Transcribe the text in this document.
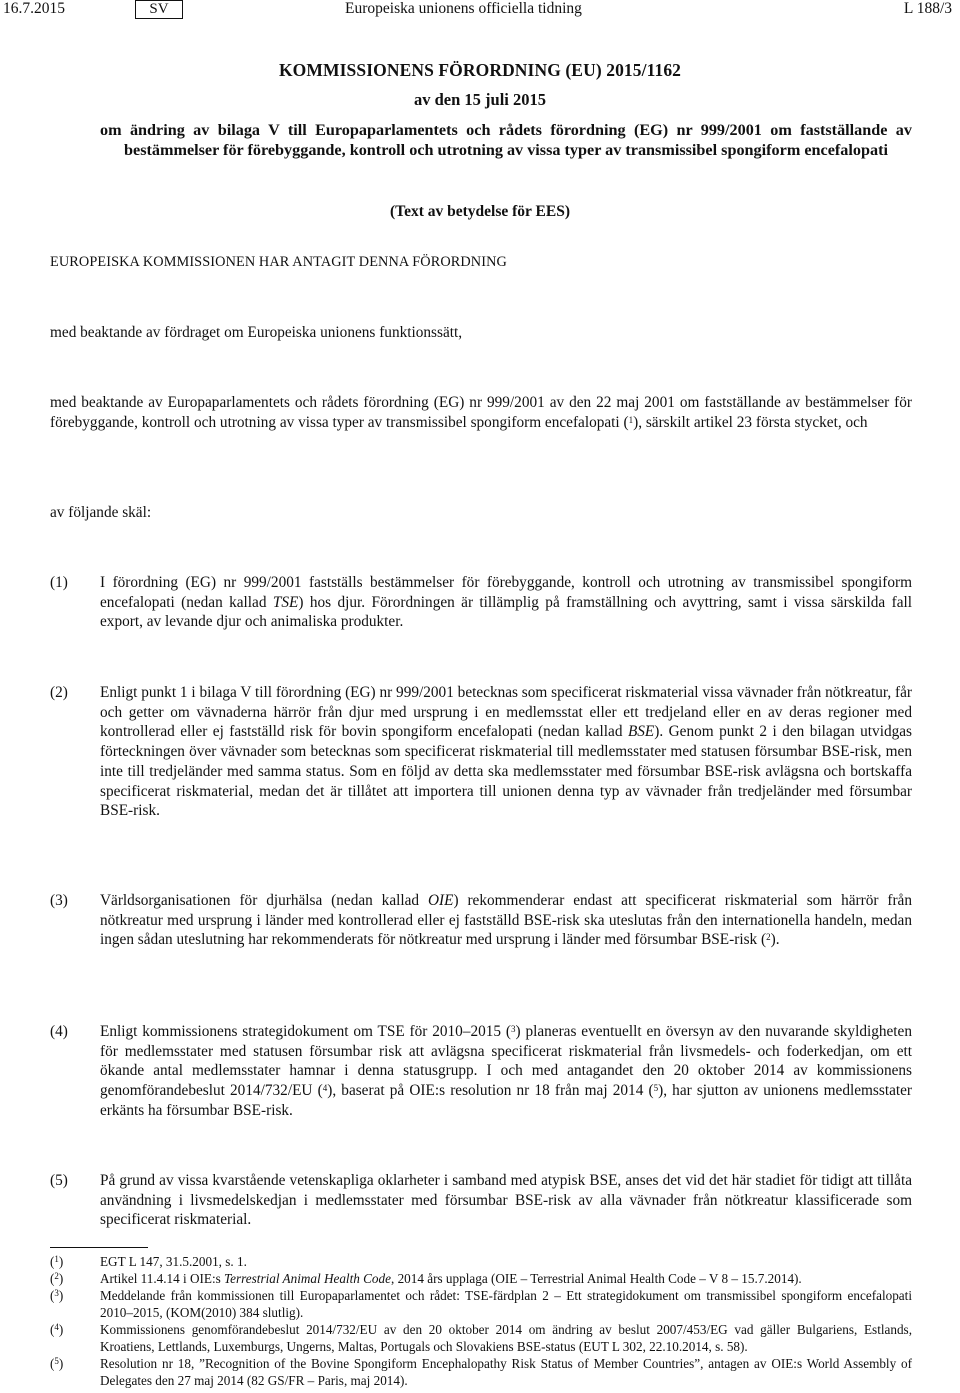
16.7.2015	SV	Europeiska unionens officiella tidning	L 188/3
KOMMISSIONENS FÖRORDNING (EU) 2015/1162
av den 15 juli 2015
om ändring av bilaga V till Europaparlamentets och rådets förordning (EG) nr 999/2001 om fastställande av bestämmelser för förebyggande, kontroll och utrotning av vissa typer av transmissibel spongiform encefalopati
(Text av betydelse för EES)
EUROPEISKA KOMMISSIONEN HAR ANTAGIT DENNA FÖRORDNING
med beaktande av fördraget om Europeiska unionens funktionssätt,
med beaktande av Europaparlamentets och rådets förordning (EG) nr 999/2001 av den 22 maj 2001 om fastställande av bestämmelser för förebyggande, kontroll och utrotning av vissa typer av transmissibel spongiform encefalopati ($^1$), särskilt artikel 23 första stycket, och
av följande skäl:
(1) I förordning (EG) nr 999/2001 fastställs bestämmelser för förebyggande, kontroll och utrotning av transmissibel spongiform encefalopati (nedan kallad TSE) hos djur. Förordningen är tillämplig på framställning och avyttring, samt i vissa särskilda fall export, av levande djur och animaliska produkter.
(2) Enligt punkt 1 i bilaga V till förordning (EG) nr 999/2001 betecknas som specificerat riskmaterial vissa vävnader från nötkreatur, får och getter om vävnaderna härrör från djur med ursprung i en medlemsstat eller ett tredjeland eller en av deras regioner med kontrollerad eller ej fastställd risk för bovin spongiform encefalopati (nedan kallad BSE). Genom punkt 2 i den bilagan utvidgas förteckningen över vävnader som betecknas som specificerat riskmaterial till medlemsstater med statusen försumbar BSE-risk, men inte till tredjeländer med samma status. Som en följd av detta ska medlemsstater med försumbar BSE-risk avlägsna och bortskaffa specificerat riskmaterial, medan det är tillåtet att importera till unionen denna typ av vävnader från tredjeländer med försumbar BSE-risk.
(3) Världsorganisationen för djurhälsa (nedan kallad OIE) rekommenderar endast att specificerat riskmaterial som härrör från nötkreatur med ursprung i länder med kontrollerad eller ej fastställd BSE-risk ska uteslutas från den internationella handeln, medan ingen sådan uteslutning har rekommenderats för nötkreatur med ursprung i länder med försumbar BSE-risk ($^2$).
(4) Enligt kommissionens strategidokument om TSE för 2010–2015 ($^3$) planeras eventuellt en översyn av den nuvarande skyldigheten för medlemsstater med statusen försumbar risk att avlägsna specificerat riskmaterial från livsmedels- och foderkedjan, om ett ökande antal medlemsstater hamnar i denna statusgrupp. I och med antagandet den 20 oktober 2014 av kommissionens genomförandebeslut 2014/732/EU ($^4$), baserat på OIE:s resolution nr 18 från maj 2014 ($^5$), har sjutton av unionens medlemsstater erkänts ha försumbar BSE-risk.
(5) På grund av vissa kvarstående vetenskapliga oklarheter i samband med atypisk BSE, anses det vid det här stadiet för tidigt att tillåta användning i livsmedelskedjan i medlemsstater med försumbar BSE-risk av alla vävnader från nötkreatur klassificerade som specificerat riskmaterial.
($^1$)	EGT L 147, 31.5.2001, s. 1.
($^2$)	Artikel 11.4.14 i OIE:s Terrestrial Animal Health Code, 2014 års upplaga (OIE – Terrestrial Animal Health Code – V 8 – 15.7.2014).
($^3$)	Meddelande från kommissionen till Europaparlamentet och rådet: TSE-färdplan 2 – Ett strategidokument om transmissibel spongiform encefalopati 2010–2015, (KOM(2010) 384 slutlig).
($^4$)	Kommissionens genomförandebeslut 2014/732/EU av den 20 oktober 2014 om ändring av beslut 2007/453/EG vad gäller Bulgariens, Estlands, Kroatiens, Lettlands, Luxemburgs, Ungerns, Maltas, Portugals och Slovakiens BSE-status (EUT L 302, 22.10.2014, s. 58).
($^5$)	Resolution nr 18, ”Recognition of the Bovine Spongiform Encephalopathy Risk Status of Member Countries”, antagen av OIE:s World Assembly of Delegates den 27 maj 2014 (82 GS/FR – Paris, maj 2014).
